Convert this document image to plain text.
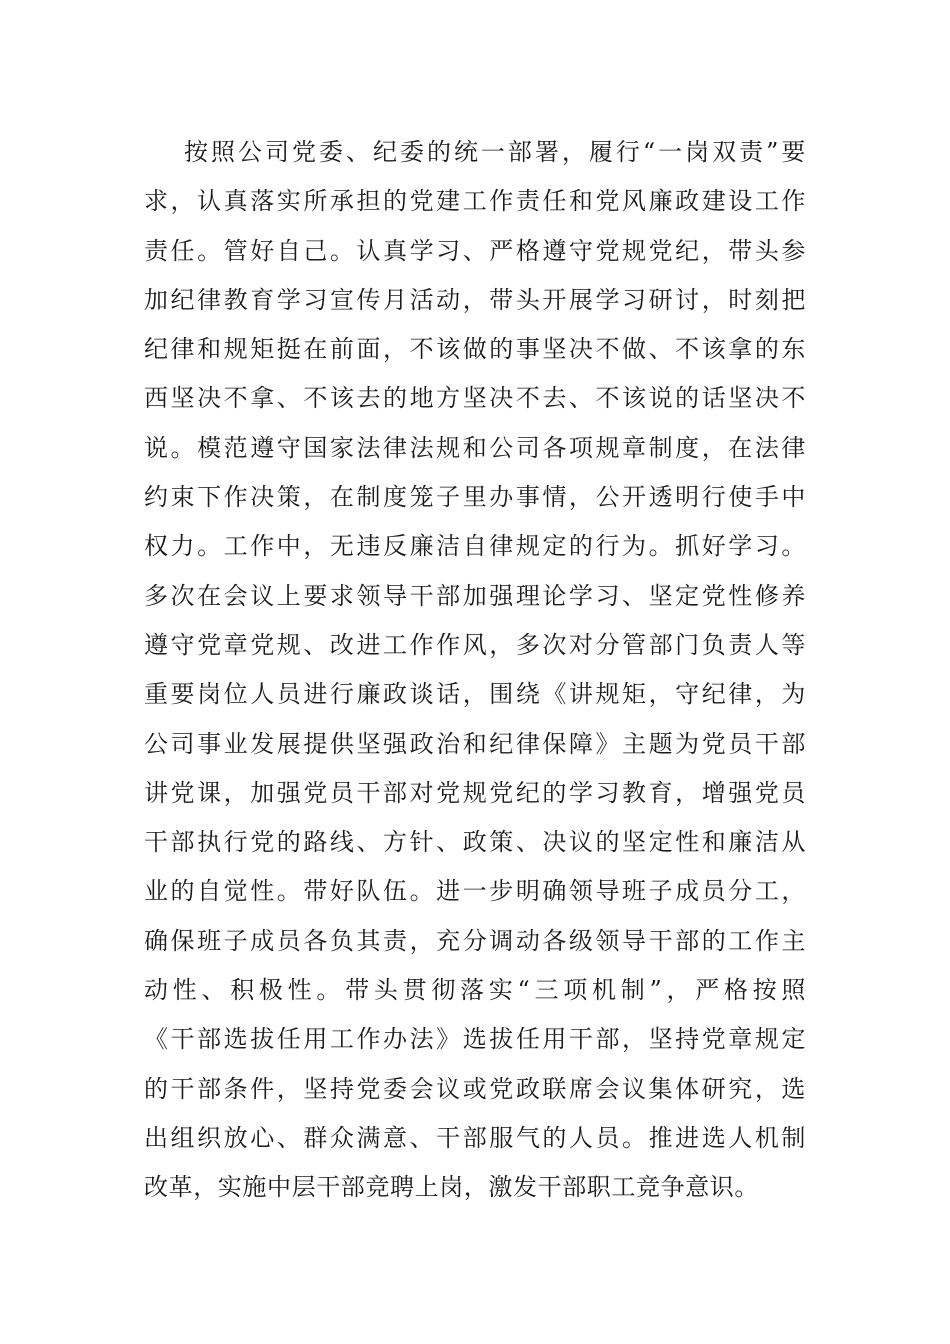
按照公司党委、纪委的统一部署，履行“一岗双责”要
求，认真落实所承担的党建工作责任和党风廉政建设工作
责任。管好自己。认真学习、严格遵守党规党纪，带头参
加纪律教育学习宣传月活动，带头开展学习研讨，时刻把
纪律和规矩挺在前面，不该做的事坚决不做、不该拿的东
西坚决不拿、不该去的地方坚决不去、不该说的话坚决不
说。模范遵守国家法律法规和公司各项规章制度，在法律
约束下作决策，在制度笼子里办事情，公开透明行使手中
权力。工作中，无违反廉洁自律规定的行为。抓好学习。
多次在会议上要求领导干部加强理论学习、坚定党性修养
遵守党章党规、改进工作作风，多次对分管部门负责人等
重要岗位人员进行廉政谈话，围绕《讲规矩，守纪律，为
公司事业发展提供坚强政治和纪律保障》主题为党员干部
讲党课，加强党员干部对党规党纪的学习教育，增强党员
干部执行党的路线、方针、政策、决议的坚定性和廉洁从
业的自觉性。带好队伍。进一步明确领导班子成员分工，
确保班子成员各负其责，充分调动各级领导干部的工作主
动性、积极性。带头贯彻落实“三项机制”，严格按照
《干部选拔任用工作办法》选拔任用干部，坚持党章规定
的干部条件，坚持党委会议或党政联席会议集体研究，选
出组织放心、群众满意、干部服气的人员。推进选人机制
改革，实施中层干部竞聘上岗，激发干部职工竞争意识。
